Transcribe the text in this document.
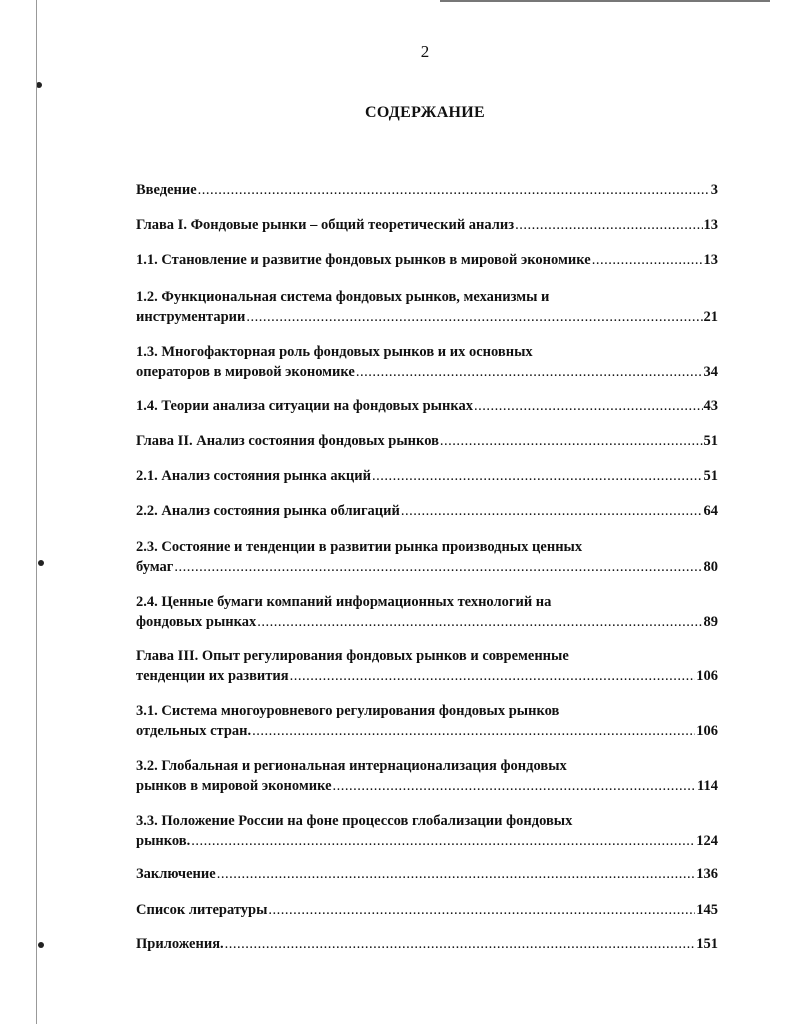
2
СОДЕРЖАНИЕ
Введение .....	3
Глава I. Фондовые рынки – общий теоретический анализ .....	13
1.1. Становление и развитие фондовых рынков в мировой экономике .....	13
1.2. Функциональная система фондовых рынков, механизмы и
инструментарии .....	21
1.3. Многофакторная роль фондовых рынков и их основных
операторов в мировой экономике .....	34
1.4. Теории анализа ситуации на фондовых рынках .....	43
Глава II. Анализ состояния фондовых рынков .....	51
2.1. Анализ состояния рынка акций .....	51
2.2. Анализ состояния рынка облигаций .....	64
2.3. Состояние и тенденции в развитии рынка производных ценных
бумаг .....	80
2.4. Ценные бумаги компаний информационных технологий на
фондовых рынках .....	89
Глава III. Опыт регулирования фондовых рынков и современные
тенденции их развития .....	106
3.1. Система многоуровневого регулирования фондовых рынков
отдельных стран. .....	106
3.2. Глобальная и региональная интернационализация фондовых
рынков в мировой экономике .....	114
3.3. Положение России на фоне процессов глобализации фондовых
рынков. .....	124
Заключение .....	136
Список литературы .....	145
Приложения. .....	151
